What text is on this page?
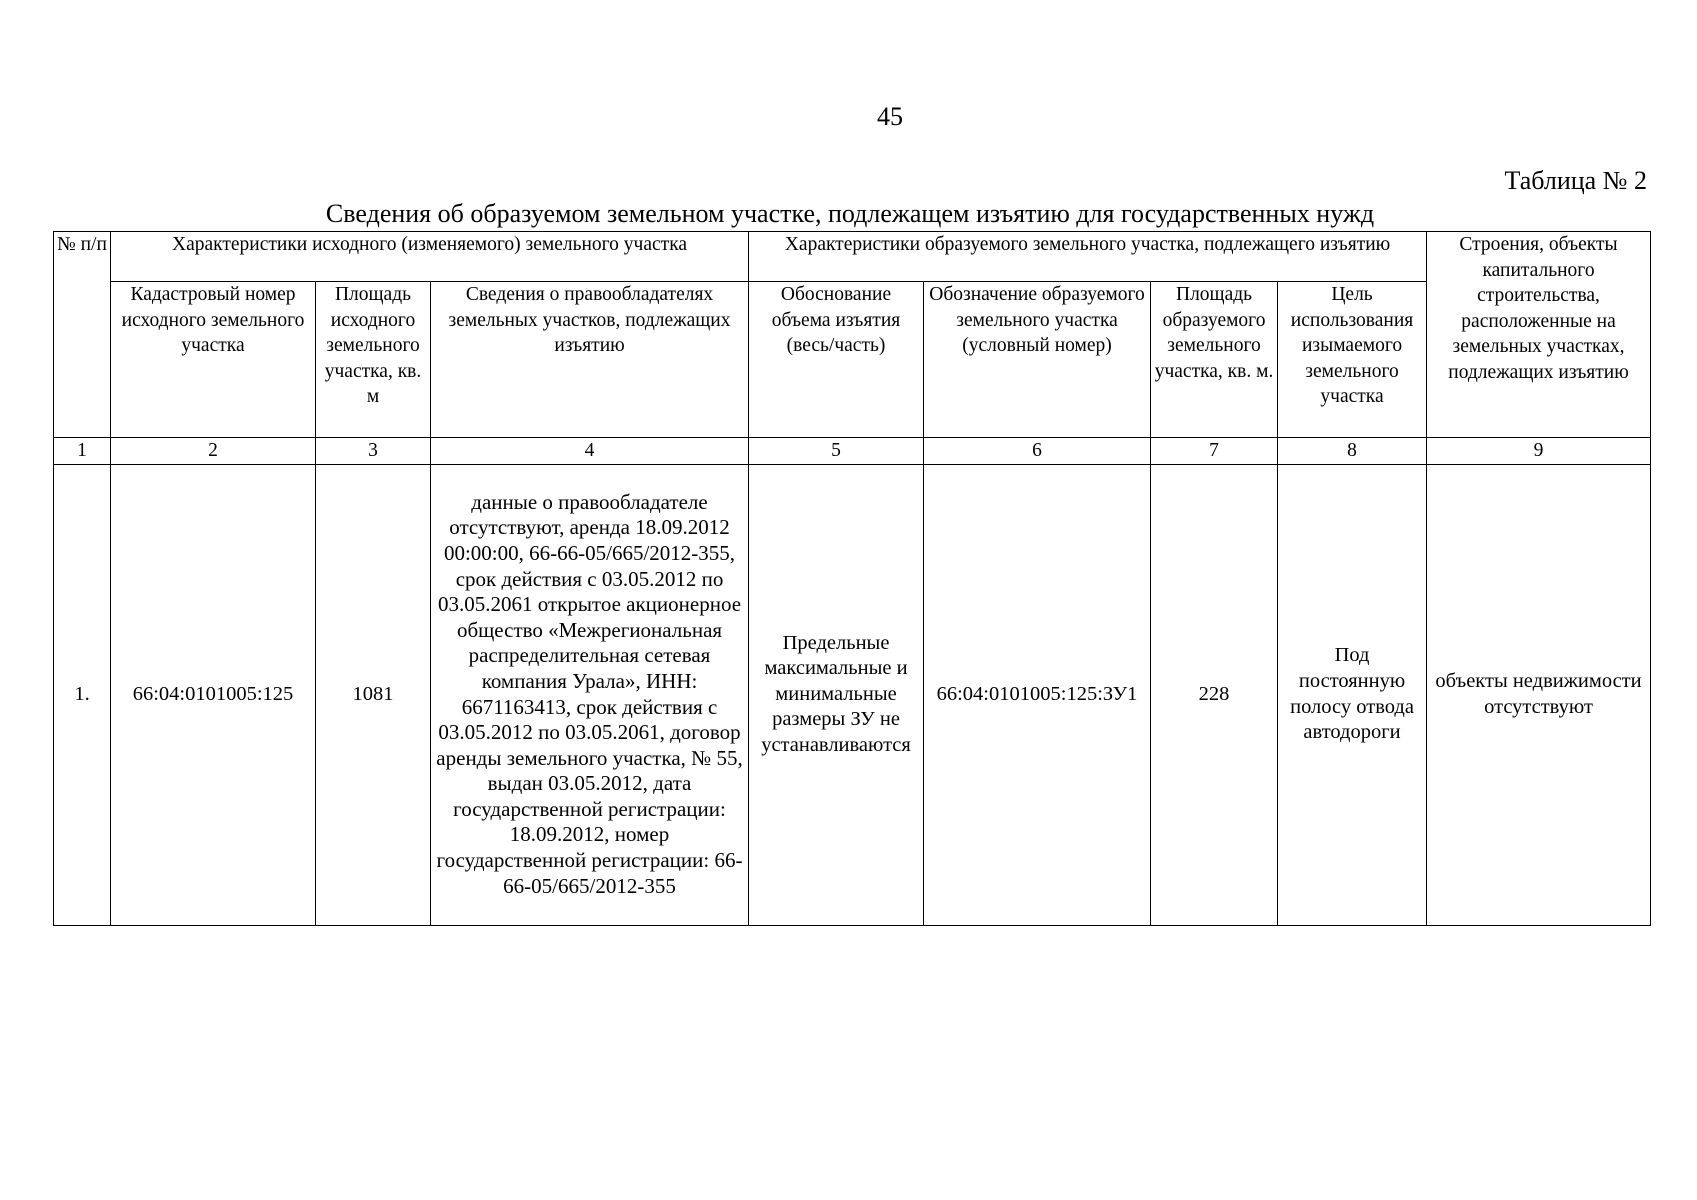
45
Таблица № 2
Сведения об образуемом земельном участке, подлежащем изъятию для государственных нужд
№ п/п	Характеристики исходного (изменяемого) земельного участка			Характеристики образуемого земельного участка, подлежащего изъятию				Строения, объекты капитального строительства, расположенные на земельных участках, подлежащих изъятию
	Кадастровый номер исходного земельного участка	Площадь исходного земельного участка, кв. м	Сведения о правообладателях земельных участков, подлежащих изъятию	Обоснование объема изъятия (весь/часть)	Обозначение образуемого земельного участка (условный номер)	Площадь образуемого земельного участка, кв. м.	Цель использования изымаемого земельного участка	
1	2	3	4	5	6	7	8	9
1.	66:04:0101005:125	1081	данные о правообладателе отсутствуют, аренда 18.09.2012 00:00:00, 66-66-05/665/2012-355, срок действия с 03.05.2012 по 03.05.2061 открытое акционерное общество «Межрегиональная распределительная сетевая компания Урала», ИНН: 6671163413, срок действия с 03.05.2012 по 03.05.2061, договор аренды земельного участка, № 55, выдан 03.05.2012, дата государственной регистрации: 18.09.2012, номер государственной регистрации: 66-66-05/665/2012-355	Предельные максимальные и минимальные размеры ЗУ не устанавливаются	66:04:0101005:125:ЗУ1	228	Под постоянную полосу отвода автодороги	объекты недвижимости отсутствуют
